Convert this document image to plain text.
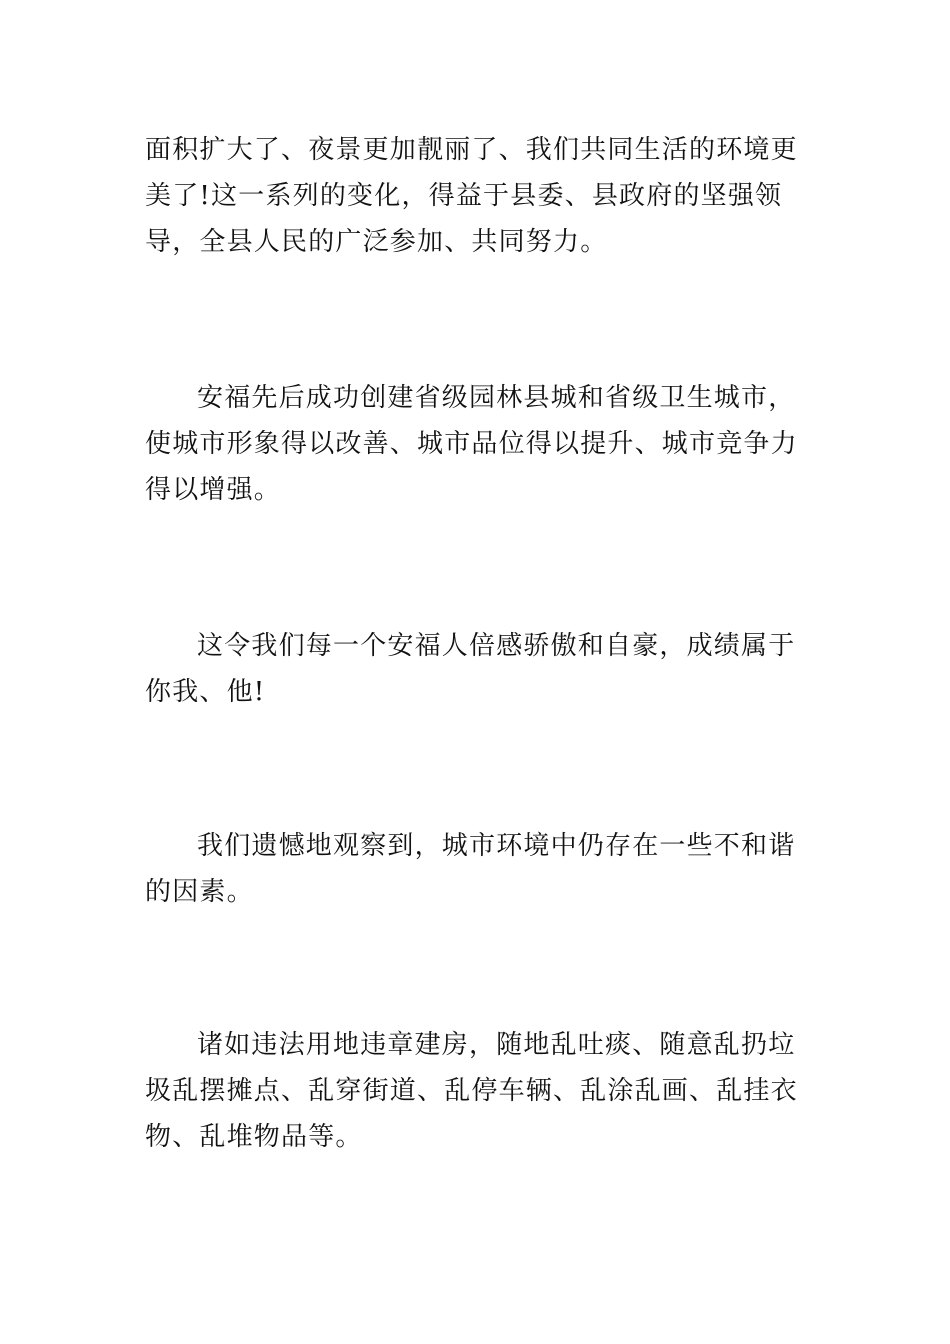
面积扩大了、夜景更加靓丽了、我们共同生活的环境更美了!这一系列的变化，得益于县委、县政府的坚强领导，全县人民的广泛参加、共同努力。

安福先后成功创建省级园林县城和省级卫生城市，使城市形象得以改善、城市品位得以提升、城市竞争力得以增强。

这令我们每一个安福人倍感骄傲和自豪，成绩属于你我、他!

我们遗憾地观察到，城市环境中仍存在一些不和谐的因素。

诸如违法用地违章建房，随地乱吐痰、随意乱扔垃圾乱摆摊点、乱穿街道、乱停车辆、乱涂乱画、乱挂衣物、乱堆物品等。
